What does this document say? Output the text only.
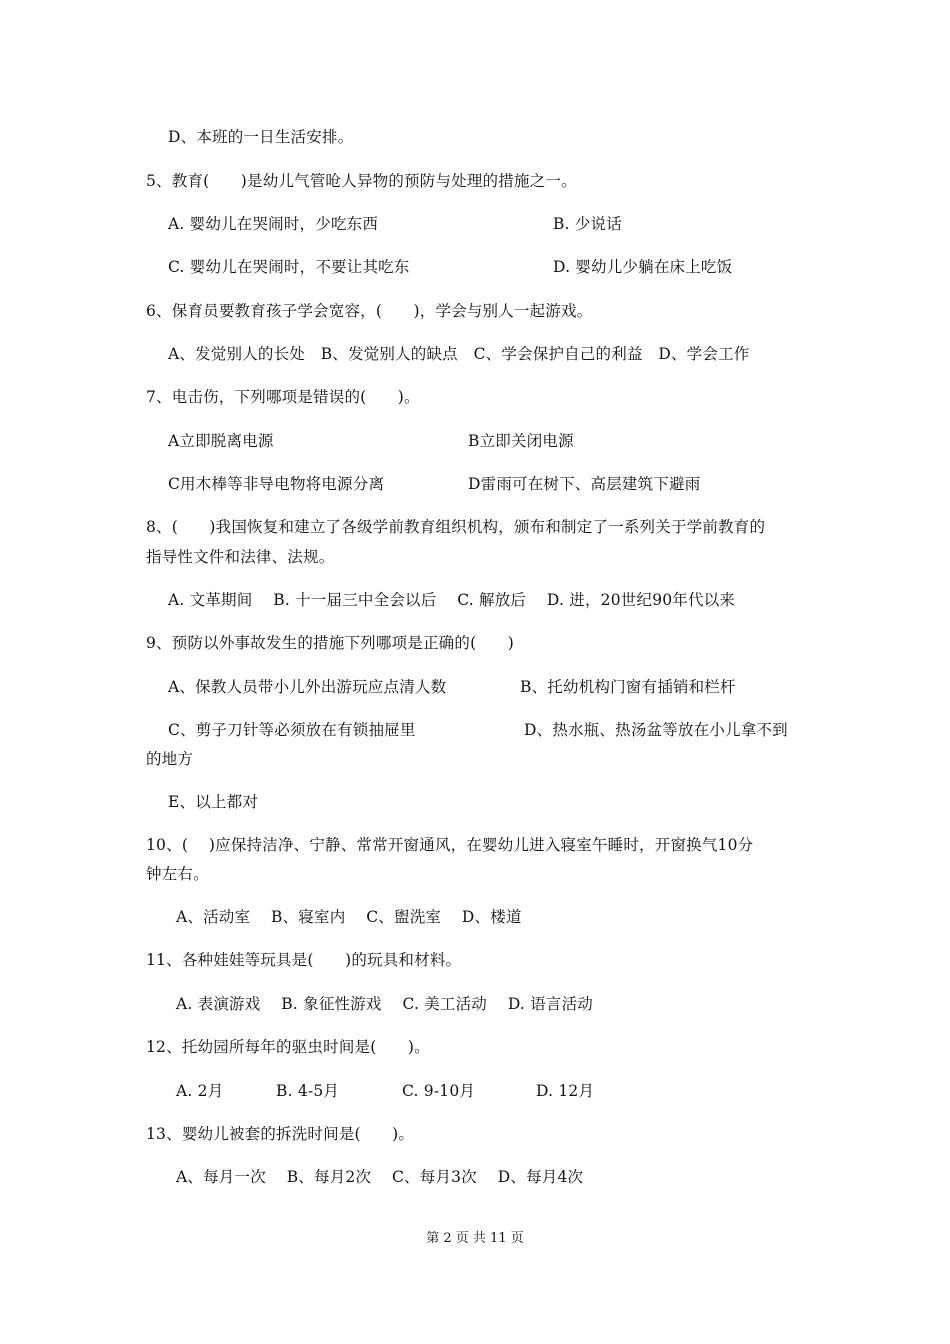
D、本班的一日生活安排。
5、教育(　　)是幼儿气管呛人异物的预防与处理的措施之一。
A. 婴幼儿在哭闹时，少吃东西	B. 少说话
C. 婴幼儿在哭闹时，不要让其吃东	D. 婴幼儿少躺在床上吃饭
6、保育员要教育孩子学会宽容，(　　)，学会与别人一起游戏。
A、发觉别人的长处　B、发觉别人的缺点　C、学会保护自己的利益　D、学会工作
7、电击伤，下列哪项是错误的(　　)。
A立即脱离电源	B立即关闭电源
C用木棒等非导电物将电源分离	D雷雨可在树下、高层建筑下避雨
8、(　　)我国恢复和建立了各级学前教育组织机构，颁布和制定了一系列关于学前教育的
指导性文件和法律、法规。
A. 文革期间　 B. 十一届三中全会以后　 C. 解放后　 D. 进，20世纪90年代以来
9、预防以外事故发生的措施下列哪项是正确的(　　)
A、保教人员带小儿外出游玩应点清人数	B、托幼机构门窗有插销和栏杆
C、剪子刀针等必须放在有锁抽屉里	D、热水瓶、热汤盆等放在小儿拿不到
的地方
E、以上都对
10、(　 )应保持洁净、宁静、常常开窗通风，在婴幼儿进入寝室午睡时，开窗换气10分
钟左右。
A、活动室　 B、寝室内　 C、盥洗室　 D、楼道
11、各种娃娃等玩具是(　　)的玩具和材料。
A. 表演游戏　 B. 象征性游戏　 C. 美工活动　 D. 语言活动
12、托幼园所每年的驱虫时间是(　　)。
A. 2月	B. 4-5月	C. 9-10月	D. 12月
13、婴幼儿被套的拆洗时间是(　　)。
A、每月一次　 B、每月2次　 C、每月3次　 D、每月4次
第 2 页 共 11 页
